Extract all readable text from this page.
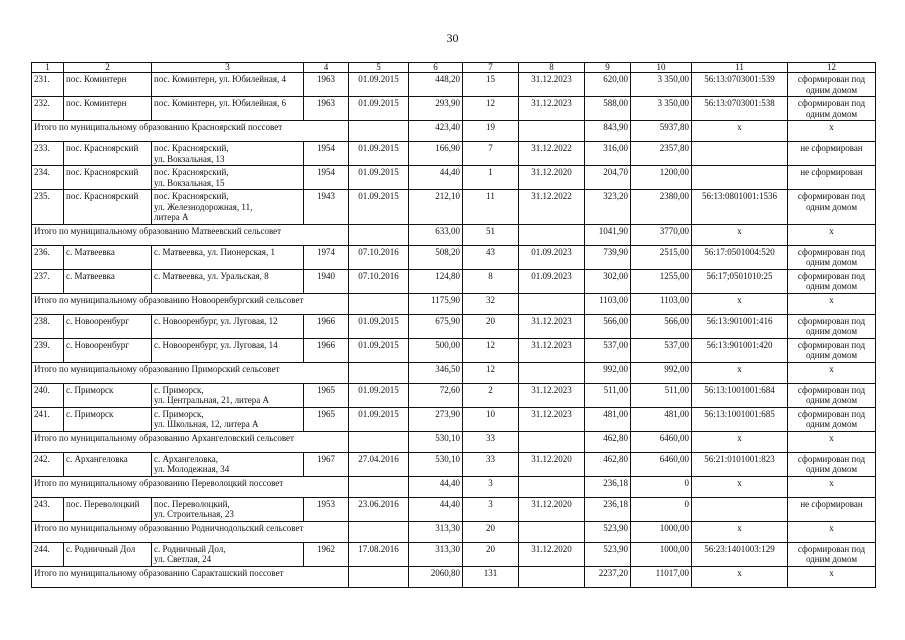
30
1	2	3	4	5	6	7	8	9	10	11	12
231.	пос. Коминтерн	пос. Коминтерн, ул. Юбилейная, 4	1963	01.09.2015	448,20	15	31.12.2023	620,00	3 350,00	56:13:0703001:539	сформирован под одним домом
232.	пос. Коминтерн	пос. Коминтерн, ул. Юбилейная, 6	1963	01.09.2015	293,90	12	31.12.2023	588,00	3 350,00	56:13:0703001:538	сформирован под одним домом
Итого по муниципальному образованию Красноярский поссовет					423,40	19		843,90	5937,80	х	х
233.	пос. Красноярский	пос. Красноярский,
ул. Вокзальная, 13	1954	01.09.2015	166,90	7	31.12.2022	316,00	2357,80		не сформирован
234.	пос. Красноярский	пос. Красноярский,
ул. Вокзальная, 15	1954	01.09.2015	44,40	1	31.12.2020	204,70	1200,00		не сформирован
235.	пос. Красноярский	пос. Красноярский,
ул. Железнодорожная, 11,
литера А	1943	01.09.2015	212,10	11	31.12.2022	323,20	2380,00	56:13:0801001:1536	сформирован под одним домом
Итого по муниципальному образованию Матвеевский сельсовет					633,00	51		1041,90	3770,00	х	х
236.	с. Матвеевка	с. Матвеевка, ул. Пионерская, 1	1974	07.10.2016	508,20	43	01.09.2023	739,90	2515,00	56:17:0501004:520	сформирован под одним домом
237.	с. Матвеевка	с. Матвеевка, ул. Уральская, 8	1940	07.10.2016	124,80	8	01.09.2023	302,00	1255,00	56:17;0501010:25	сформирован под одним домом
Итого по муниципальному образованию Новооренбургский сельсовет					1175,90	32		1103,00	1103,00	х	х
238.	с. Новооренбург	с. Новооренбург, ул. Луговая, 12	1966	01.09.2015	675,90	20	31.12.2023	566,00	566,00	56:13:901001:416	сформирован под одним домом
239.	с. Новооренбург	с. Новооренбург, ул. Луговая, 14	1966	01.09.2015	500,00	12	31.12.2023	537,00	537,00	56:13:901001:420	сформирован под одним домом
Итого по муниципальному образованию Приморский сельсовет					346,50	12		992,00	992,00	х	х
240.	с. Приморск	с. Приморск,
ул. Центральная, 21, литера А	1965	01.09.2015	72,60	2	31.12.2023	511,00	511,00	56:13:1001001:684	сформирован под одним домом
241.	с. Приморск	с. Приморск,
ул. Школьная, 12, литера А	1965	01.09.2015	273,90	10	31.12.2023	481,00	481,00	56:13:1001001:685	сформирован под одним домом
Итого по муниципальному образованию Архангеловский сельсовет					530,10	33		462,80	6460,00	х	х
242.	с. Архангеловка	с. Архангеловка,
ул. Молодежная, 34	1967	27.04.2016	530,10	33	31.12.2020	462,80	6460,00	56:21:0101001:823	сформирован под одним домом
Итого по муниципальному образованию Переволоцкий поссовет					44,40	3		236,18	0	х	х
243.	пос. Переволоцкий	пос. Переволоцкий,
ул. Строительная, 23	1953	23.06.2016	44,40	3	31.12.2020	236,18	0		не сформирован
Итого по муниципальному образованию Родничнодольский сельсовет					313,30	20		523,90	1000,00	х	х
244.	с. Родничный Дол	с. Родничный Дол,
ул. Светлая, 24	1962	17.08.2016	313,30	20	31.12.2020	523,90	1000,00	56:23:1401003:129	сформирован под одним домом
Итого по муниципальному образованию Саракташский поссовет					2060,80	131		2237,20	11017,00	х	х
